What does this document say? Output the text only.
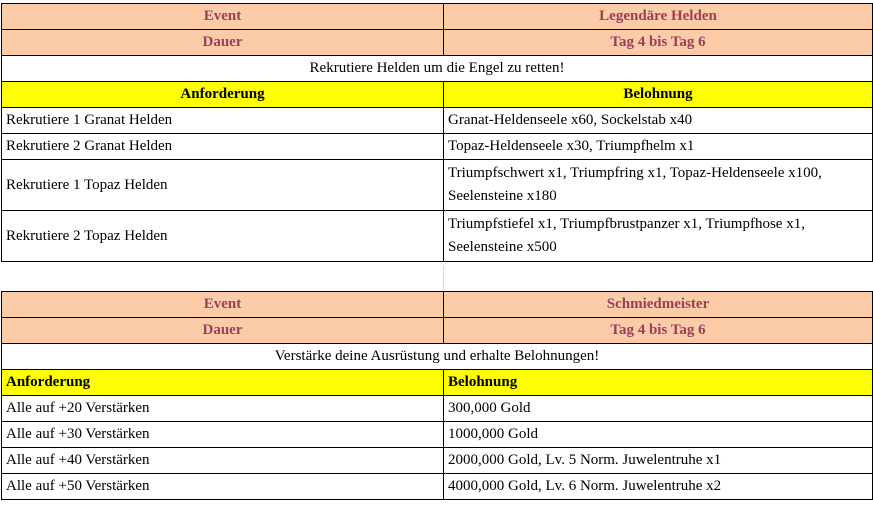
Event	Legendäre Helden
Dauer	Tag 4 bis Tag 6
Rekrutiere Helden um die Engel zu retten!	
Anforderung	Belohnung
Rekrutiere 1 Granat Helden	Granat-Heldenseele x60, Sockelstab x40
Rekrutiere 2 Granat Helden	Topaz-Heldenseele x30, Triumpfhelm x1
Rekrutiere 1 Topaz Helden	Triumpfschwert x1, Triumpfring x1, Topaz-Heldenseele x100, Seelensteine x180
Rekrutiere 2 Topaz Helden	Triumpfstiefel x1, Triumpfbrustpanzer x1, Triumpfhose x1, Seelensteine x500
Event	Schmiedmeister
Dauer	Tag 4 bis Tag 6
Verstärke deine Ausrüstung und erhalte Belohnungen!	
Anforderung	Belohnung
Alle auf +20 Verstärken	300,000 Gold
Alle auf +30 Verstärken	1000,000 Gold
Alle auf +40 Verstärken	2000,000 Gold, Lv. 5 Norm. Juwelentruhe x1
Alle auf +50 Verstärken	4000,000 Gold, Lv. 6 Norm. Juwelentruhe x2
